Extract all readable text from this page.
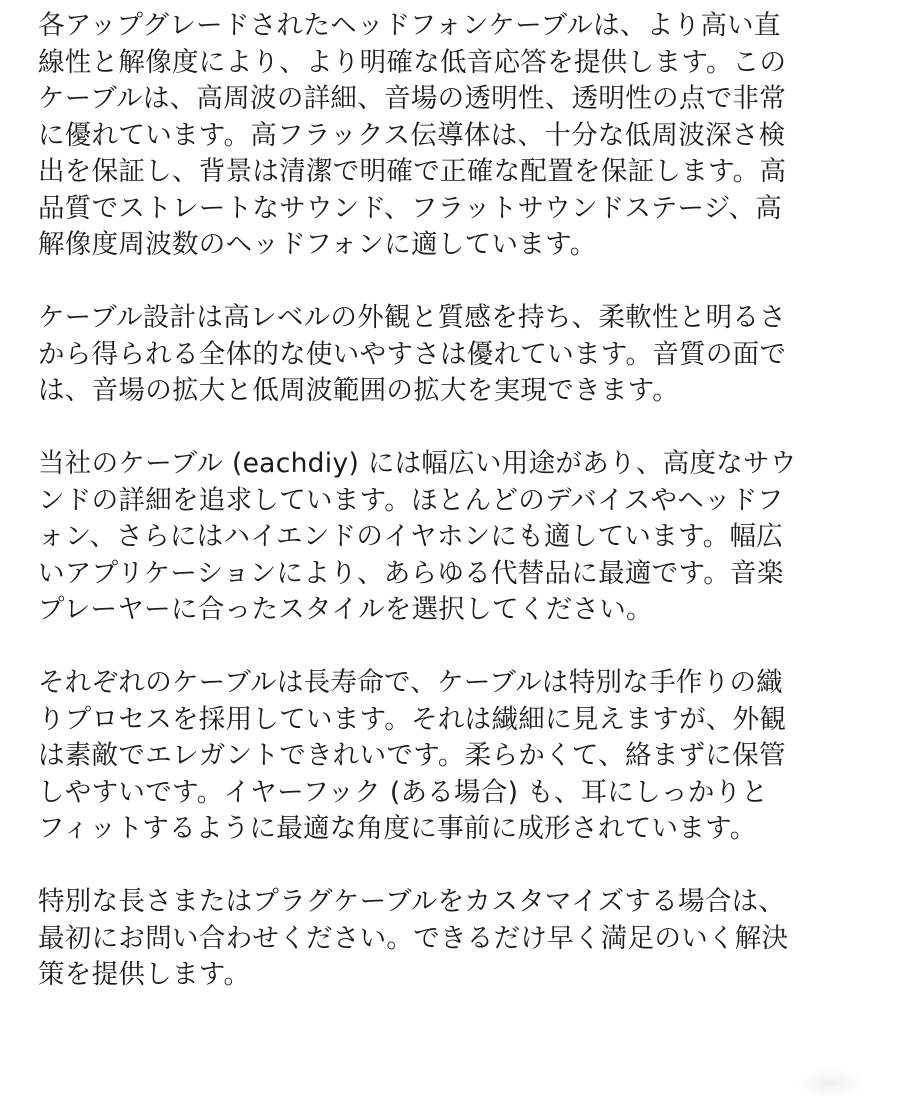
各アップグレードされたヘッドフォンケーブルは、より高い直
線性と解像度により、より明確な低音応答を提供します。この
ケーブルは、高周波の詳細、音場の透明性、透明性の点で非常
に優れています。高フラックス伝導体は、十分な低周波深さ検
出を保証し、背景は清潔で明確で正確な配置を保証します。高
品質でストレートなサウンド、フラットサウンドステージ、高
解像度周波数のヘッドフォンに適しています。

ケーブル設計は高レベルの外観と質感を持ち、柔軟性と明るさ
から得られる全体的な使いやすさは優れています。音質の面で
は、音場の拡大と低周波範囲の拡大を実現できます。

当社のケーブル (eachdiy) には幅広い用途があり、高度なサウ
ンドの詳細を追求しています。ほとんどのデバイスやヘッドフ
ォン、さらにはハイエンドのイヤホンにも適しています。幅広
いアプリケーションにより、あらゆる代替品に最適です。音楽
プレーヤーに合ったスタイルを選択してください。

それぞれのケーブルは長寿命で、ケーブルは特別な手作りの織
りプロセスを採用しています。それは繊細に見えますが、外観
は素敵でエレガントできれいです。柔らかくて、絡まずに保管
しやすいです。イヤーフック (ある場合) も、耳にしっかりと
フィットするように最適な角度に事前に成形されています。

特別な長さまたはプラグケーブルをカスタマイズする場合は、
最初にお問い合わせください。できるだけ早く満足のいく解決
策を提供します。
